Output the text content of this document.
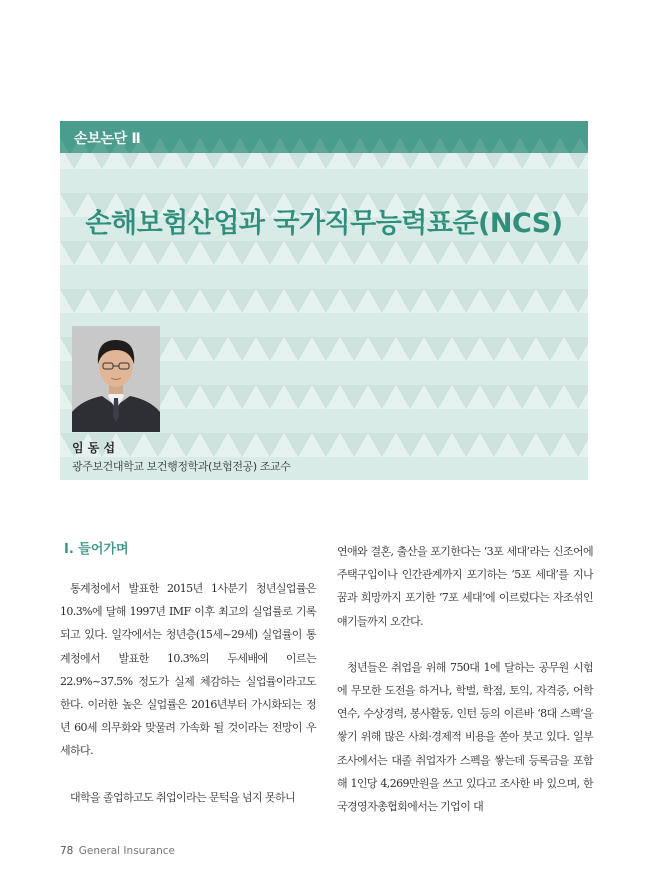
손보논단 Ⅱ
손해보험산업과 국가직무능력표준(NCS)
임 동 섭
광주보건대학교 보건행정학과(보험전공) 조교수
Ⅰ. 들어가며

통계청에서 발표한 2015년 1사분기 청년실업률은 10.3%에 달해 1997년 IMF 이후 최고의 실업률로 기록되고 있다. 일각에서는 청년층(15세~29세) 실업률이 통계청에서 발표한 10.3%의 두세배에 이르는 22.9%~37.5% 정도가 실제 체감하는 실업률이라고도 한다. 이러한 높은 실업률은 2016년부터 가시화되는 정년 60세 의무화와 맞물려 가속화 될 것이라는 전망이 우세하다.

대학을 졸업하고도 취업이라는 문턱을 넘지 못하니

연애와 결혼, 출산을 포기한다는 ‘3포 세대’라는 신조어에 주택구입이나 인간관계까지 포기하는 ‘5포 세대’를 지나 꿈과 희망까지 포기한 ‘7포 세대’에 이르렀다는 자조섞인 얘기들까지 오간다.

청년들은 취업을 위해 750대 1에 달하는 공무원 시험에 무모한 도전을 하거나, 학벌, 학점, 토익, 자격증, 어학연수, 수상경력, 봉사활동, 인턴 등의 이른바 ‘8대 스펙’을 쌓기 위해 많은 사회·경제적 비용을 쏟아 붓고 있다. 일부 조사에서는 대졸 취업자가 스펙을 쌓는데 등록금을 포함해 1인당 4,269만원을 쓰고 있다고 조사한 바 있으며, 한국경영자총협회에서는 기업이 대

78 General Insurance
